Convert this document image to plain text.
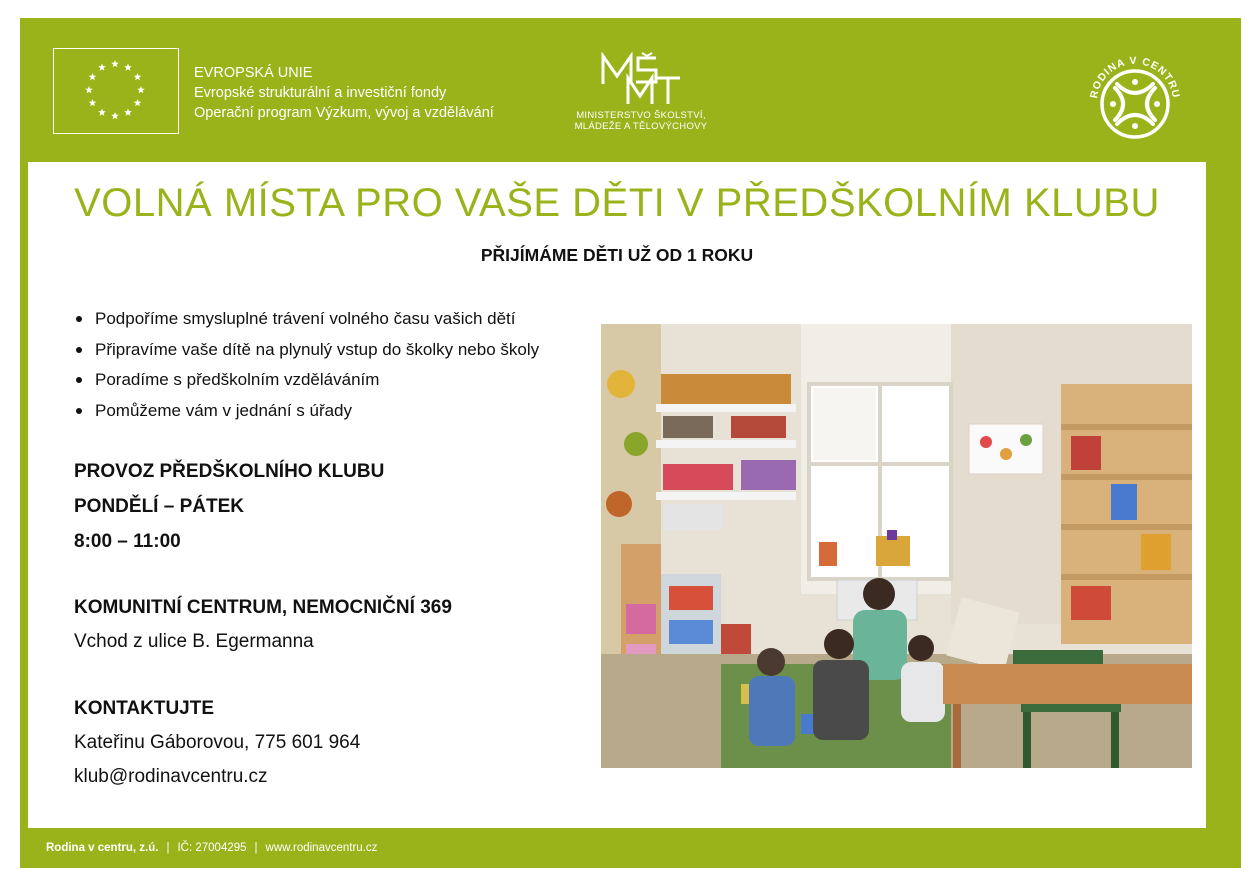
EVROPSKÁ UNIE
Evropské strukturální a investiční fondy
Operační program Výzkum, vývoj a vzdělávání	MINISTERSTVO ŠKOLSTVÍ,
MLÁDEŽE A TĚLOVÝCHOVY
RODINA V CENTRU
VOLNÁ MÍSTA PRO VAŠE DĚTI V PŘEDŠKOLNÍM KLUBU
PŘIJÍMÁME DĚTI UŽ OD 1 ROKU
Podpoříme smysluplné trávení volného času vašich dětí
Připravíme vaše dítě na plynulý vstup do školky nebo školy
Poradíme s předškolním vzděláváním
Pomůžeme vám v jednání s úřady
PROVOZ PŘEDŠKOLNÍHO KLUBU
PONDĚLÍ – PÁTEK
8:00 – 11:00
KOMUNITNÍ CENTRUM, NEMOCNIČNÍ 369
Vchod z ulice B. Egermanna
KONTAKTUJTE
Kateřinu Gáborovou, 775 601 964
klub@rodinavcentru.cz
Rodina v centru, z.ú. | IČ: 27004295 | www.rodinavcentru.cz
